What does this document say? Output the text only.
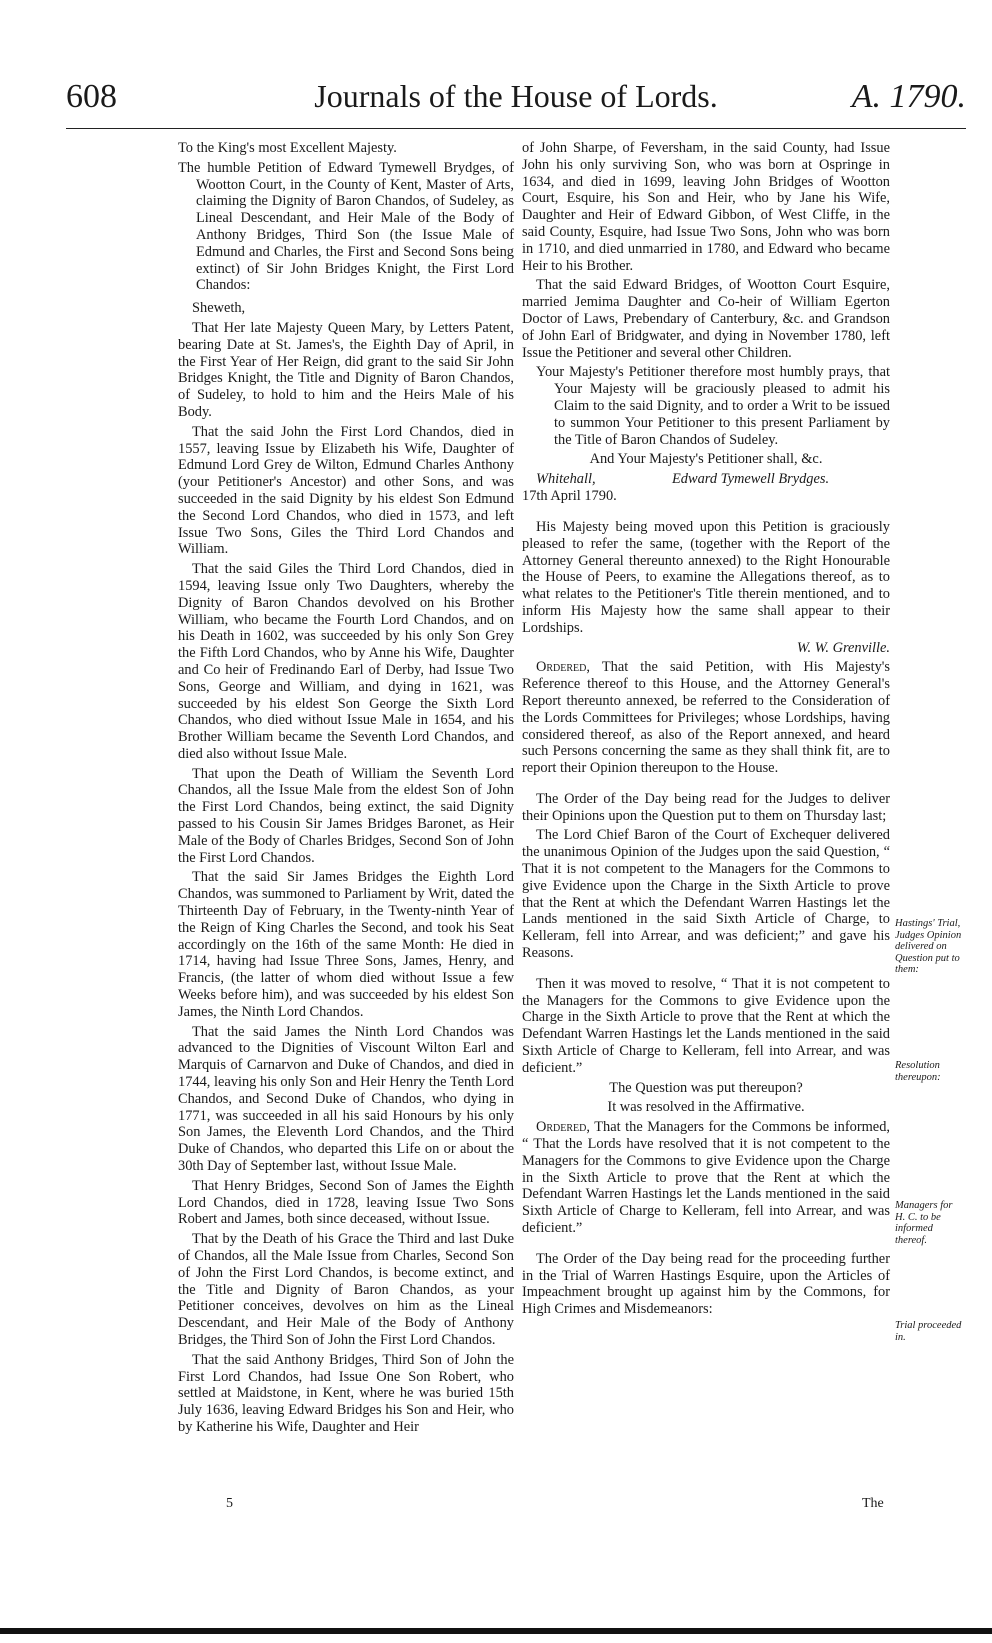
608	Journals of the House of Lords.	A. 1790.

To the King's most Excellent Majesty.

The humble Petition of Edward Tymewell Brydges, of Wootton Court, in the County of Kent, Master of Arts, claiming the Dignity of Baron Chandos, of Sudeley, as Lineal Descendant, and Heir Male of the Body of Anthony Bridges, Third Son (the Issue Male of Edmund and Charles, the First and Second Sons being extinct) of Sir John Bridges Knight, the First Lord Chandos:

Sheweth,

That Her late Majesty Queen Mary, by Letters Patent, bearing Date at St. James's, the Eighth Day of April, in the First Year of Her Reign, did grant to the said Sir John Bridges Knight, the Title and Dignity of Baron Chandos, of Sudeley, to hold to him and the Heirs Male of his Body.

That the said John the First Lord Chandos, died in 1557, leaving Issue by Elizabeth his Wife, Daughter of Edmund Lord Grey de Wilton, Edmund Charles Anthony (your Petitioner's Ancestor) and other Sons, and was succeeded in the said Dignity by his eldest Son Edmund the Second Lord Chandos, who died in 1573, and left Issue Two Sons, Giles the Third Lord Chandos and William.

That the said Giles the Third Lord Chandos, died in 1594, leaving Issue only Two Daughters, whereby the Dignity of Baron Chandos devolved on his Brother William, who became the Fourth Lord Chandos, and on his Death in 1602, was succeeded by his only Son Grey the Fifth Lord Chandos, who by Anne his Wife, Daughter and Co heir of Fredinando Earl of Derby, had Issue Two Sons, George and William, and dying in 1621, was succeeded by his eldest Son George the Sixth Lord Chandos, who died without Issue Male in 1654, and his Brother William became the Seventh Lord Chandos, and died also without Issue Male.

That upon the Death of William the Seventh Lord Chandos, all the Issue Male from the eldest Son of John the First Lord Chandos, being extinct, the said Dignity passed to his Cousin Sir James Bridges Baronet, as Heir Male of the Body of Charles Bridges, Second Son of John the First Lord Chandos.

That the said Sir James Bridges the Eighth Lord Chandos, was summoned to Parliament by Writ, dated the Thirteenth Day of February, in the Twenty-ninth Year of the Reign of King Charles the Second, and took his Seat accordingly on the 16th of the same Month: He died in 1714, having had Issue Three Sons, James, Henry, and Francis, (the latter of whom died without Issue a few Weeks before him), and was succeeded by his eldest Son James, the Ninth Lord Chandos.

That the said James the Ninth Lord Chandos was advanced to the Dignities of Viscount Wilton Earl and Marquis of Carnarvon and Duke of Chandos, and died in 1744, leaving his only Son and Heir Henry the Tenth Lord Chandos, and Second Duke of Chandos, who dying in 1771, was succeeded in all his said Honours by his only Son James, the Eleventh Lord Chandos, and the Third Duke of Chandos, who departed this Life on or about the 30th Day of September last, without Issue Male.

That Henry Bridges, Second Son of James the Eighth Lord Chandos, died in 1728, leaving Issue Two Sons Robert and James, both since deceased, without Issue.

That by the Death of his Grace the Third and last Duke of Chandos, all the Male Issue from Charles, Second Son of John the First Lord Chandos, is become extinct, and the Title and Dignity of Baron Chandos, as your Petitioner conceives, devolves on him as the Lineal Descendant, and Heir Male of the Body of Anthony Bridges, the Third Son of John the First Lord Chandos.

That the said Anthony Bridges, Third Son of John the First Lord Chandos, had Issue One Son Robert, who settled at Maidstone, in Kent, where he was buried 15th July 1636, leaving Edward Bridges his Son and Heir, who by Katherine his Wife, Daughter and Heir

of John Sharpe, of Feversham, in the said County, had Issue John his only surviving Son, who was born at Ospringe in 1634, and died in 1699, leaving John Bridges of Wootton Court, Esquire, his Son and Heir, who by Jane his Wife, Daughter and Heir of Edward Gibbon, of West Cliffe, in the said County, Esquire, had Issue Two Sons, John who was born in 1710, and died unmarried in 1780, and Edward who became Heir to his Brother.

That the said Edward Bridges, of Wootton Court Esquire, married Jemima Daughter and Co-heir of William Egerton Doctor of Laws, Prebendary of Canterbury, &c. and Grandson of John Earl of Bridgwater, and dying in November 1780, left Issue the Petitioner and several other Children.

Your Majesty's Petitioner therefore most humbly prays, that Your Majesty will be graciously pleased to admit his Claim to the said Dignity, and to order a Writ to be issued to summon Your Petitioner to this present Parliament by the Title of Baron Chandos of Sudeley.

And Your Majesty's Petitioner shall, &c.

Whitehall,	Edward Tymewell Brydges.

17th April 1790.

His Majesty being moved upon this Petition is graciously pleased to refer the same, (together with the Report of the Attorney General thereunto annexed) to the Right Honourable the House of Peers, to examine the Allegations thereof, as to what relates to the Petitioner's Title therein mentioned, and to inform His Majesty how the same shall appear to their Lordships.

W. W. Grenville.

Ordered, That the said Petition, with His Majesty's Reference thereof to this House, and the Attorney General's Report thereunto annexed, be referred to the Consideration of the Lords Committees for Privileges; whose Lordships, having considered thereof, as also of the Report annexed, and heard such Persons concerning the same as they shall think fit, are to report their Opinion thereupon to the House.

The Order of the Day being read for the Judges to deliver their Opinions upon the Question put to them on Thursday last;

The Lord Chief Baron of the Court of Exchequer delivered the unanimous Opinion of the Judges upon the said Question, “ That it is not competent to the Managers for the Commons to give Evidence upon the Charge in the Sixth Article to prove that the Rent at which the Defendant Warren Hastings let the Lands mentioned in the said Sixth Article of Charge, to Kelleram, fell into Arrear, and was deficient;” and gave his Reasons.

Then it was moved to resolve, “ That it is not competent to the Managers for the Commons to give Evidence upon the Charge in the Sixth Article to prove that the Rent at which the Defendant Warren Hastings let the Lands mentioned in the said Sixth Article of Charge to Kelleram, fell into Arrear, and was deficient.”

The Question was put thereupon?

It was resolved in the Affirmative.

Ordered, That the Managers for the Commons be informed, “ That the Lords have resolved that it is not competent to the Managers for the Commons to give Evidence upon the Charge in the Sixth Article to prove that the Rent at which the Defendant Warren Hastings let the Lands mentioned in the said Sixth Article of Charge to Kelleram, fell into Arrear, and was deficient.”

The Order of the Day being read for the proceeding further in the Trial of Warren Hastings Esquire, upon the Articles of Impeachment brought up against him by the Commons, for High Crimes and Misdemeanors:

Hastings' Trial, Judges Opinion delivered on Question put to them:
Resolution thereupon:
Managers for H. C. to be informed thereof.
Trial proceeded in.
5	The
